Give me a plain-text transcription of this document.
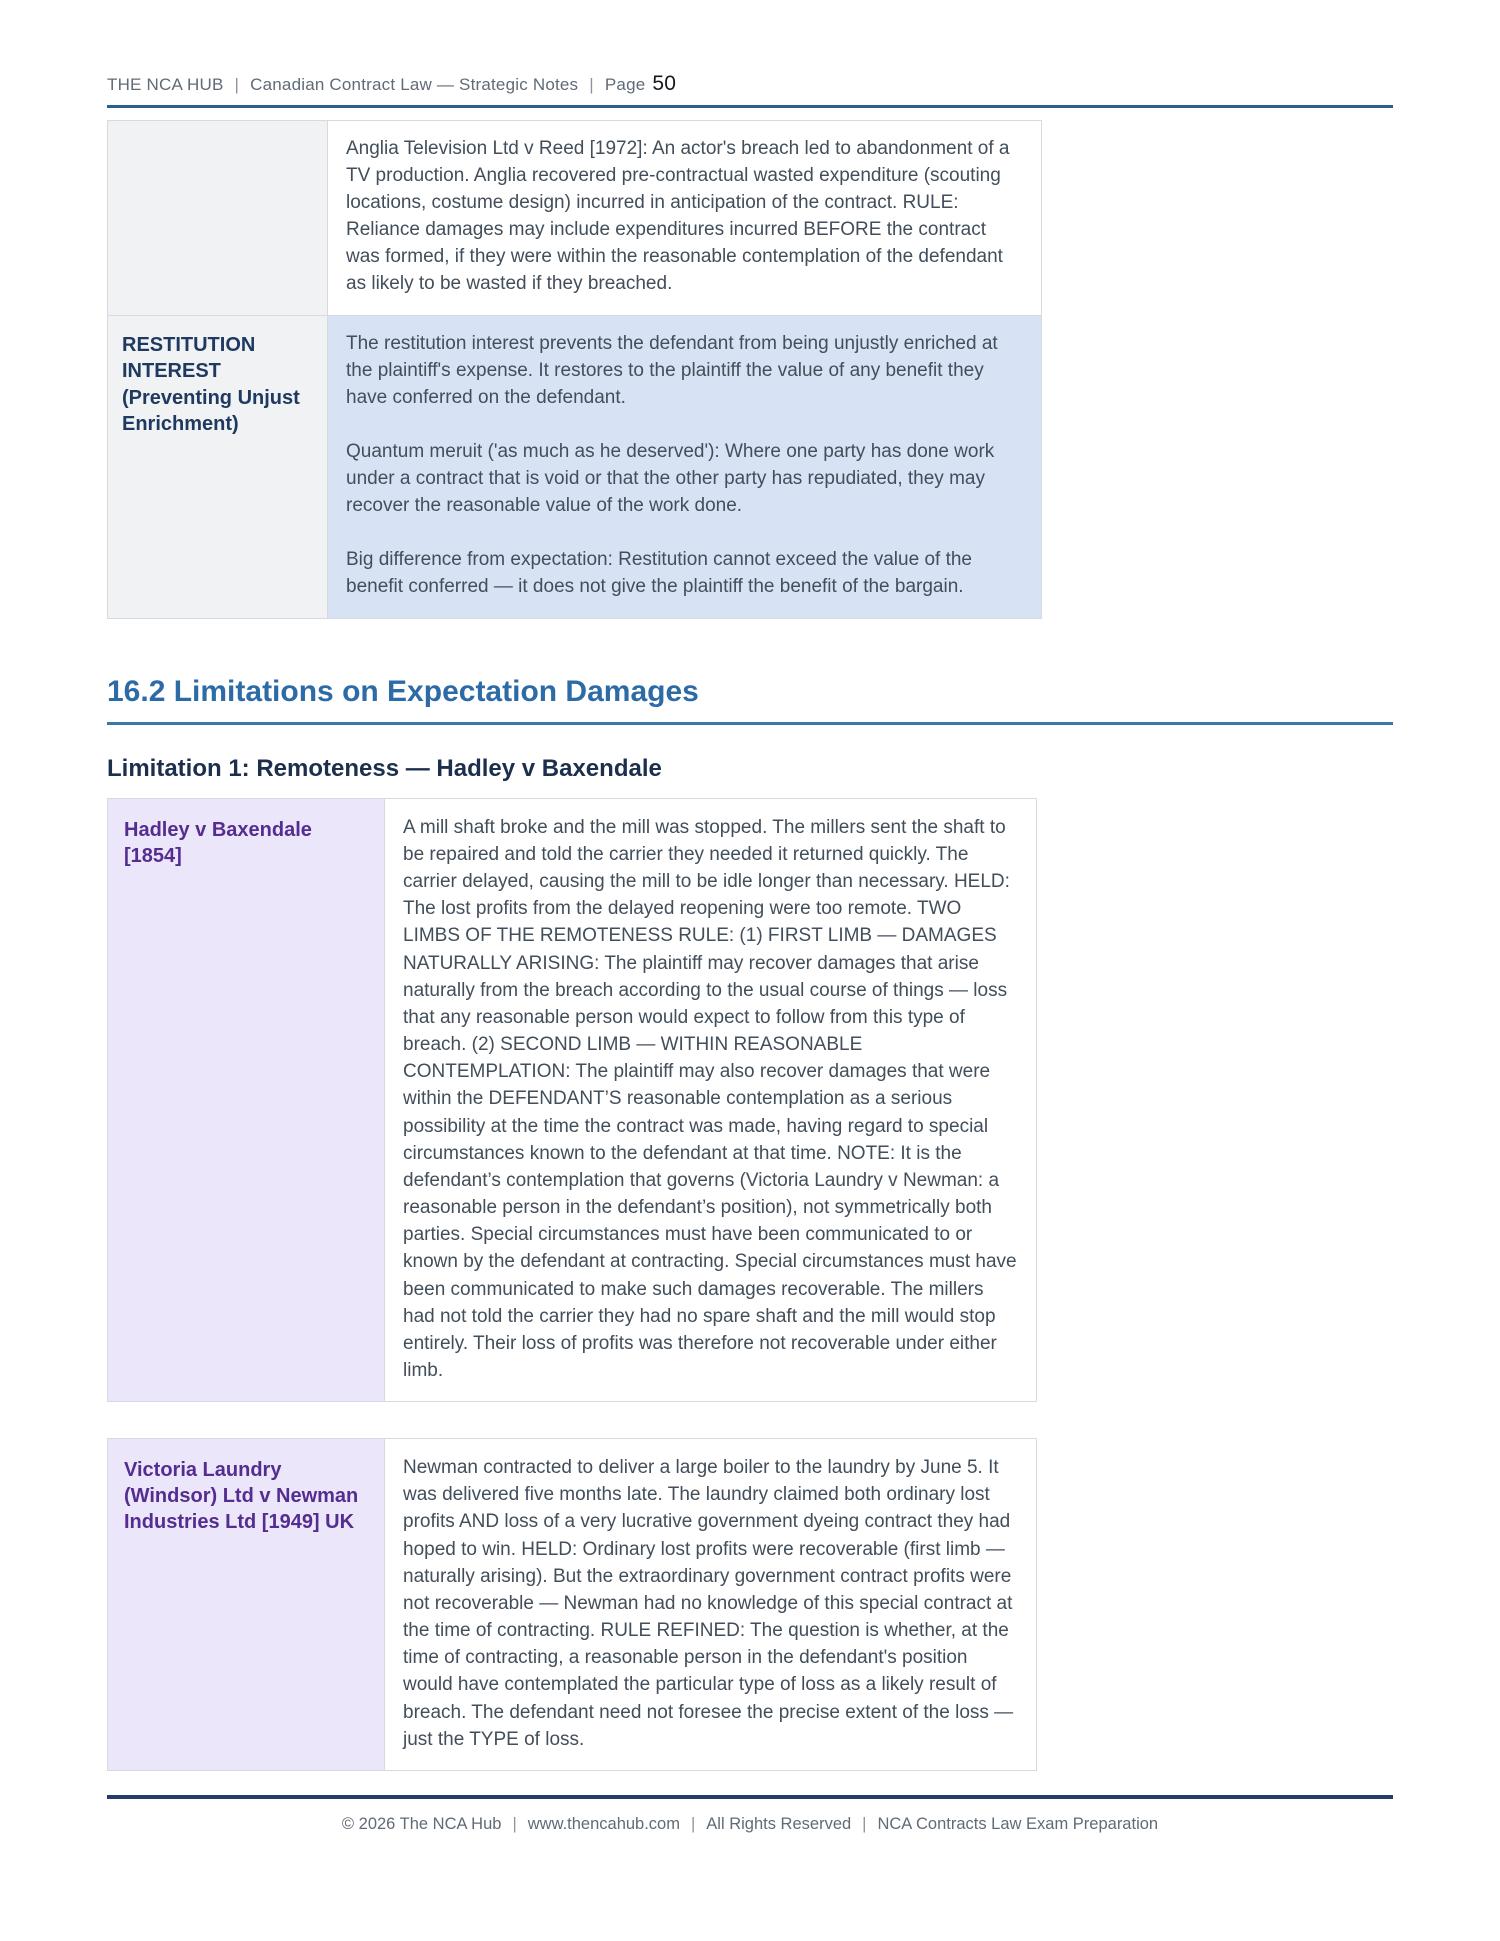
THE NCA HUB | Canadian Contract Law — Strategic Notes | Page 50

Anglia Television Ltd v Reed [1972]: An actor's breach led to abandonment of a TV production. Anglia recovered pre-contractual wasted expenditure (scouting locations, costume design) incurred in anticipation of the contract. RULE: Reliance damages may include expenditures incurred BEFORE the contract was formed, if they were within the reasonable contemplation of the defendant as likely to be wasted if they breached.

RESTITUTION INTEREST (Preventing Unjust Enrichment)

The restitution interest prevents the defendant from being unjustly enriched at the plaintiff's expense. It restores to the plaintiff the value of any benefit they have conferred on the defendant.

Quantum meruit ('as much as he deserved'): Where one party has done work under a contract that is void or that the other party has repudiated, they may recover the reasonable value of the work done.

Big difference from expectation: Restitution cannot exceed the value of the benefit conferred — it does not give the plaintiff the benefit of the bargain.

16.2 Limitations on Expectation Damages
Limitation 1: Remoteness — Hadley v Baxendale
Hadley v Baxendale [1854]

A mill shaft broke and the mill was stopped. The millers sent the shaft to be repaired and told the carrier they needed it returned quickly. The carrier delayed, causing the mill to be idle longer than necessary. HELD: The lost profits from the delayed reopening were too remote. TWO LIMBS OF THE REMOTENESS RULE: (1) FIRST LIMB — DAMAGES NATURALLY ARISING: The plaintiff may recover damages that arise naturally from the breach according to the usual course of things — loss that any reasonable person would expect to follow from this type of breach. (2) SECOND LIMB — WITHIN REASONABLE CONTEMPLATION: The plaintiff may also recover damages that were within the DEFENDANT’S reasonable contemplation as a serious possibility at the time the contract was made, having regard to special circumstances known to the defendant at that time. NOTE: It is the defendant’s contemplation that governs (Victoria Laundry v Newman: a reasonable person in the defendant’s position), not symmetrically both parties. Special circumstances must have been communicated to or known by the defendant at contracting. Special circumstances must have been communicated to make such damages recoverable. The millers had not told the carrier they had no spare shaft and the mill would stop entirely. Their loss of profits was therefore not recoverable under either limb.

Victoria Laundry (Windsor) Ltd v Newman Industries Ltd [1949] UK

Newman contracted to deliver a large boiler to the laundry by June 5. It was delivered five months late. The laundry claimed both ordinary lost profits AND loss of a very lucrative government dyeing contract they had hoped to win. HELD: Ordinary lost profits were recoverable (first limb — naturally arising). But the extraordinary government contract profits were not recoverable — Newman had no knowledge of this special contract at the time of contracting. RULE REFINED: The question is whether, at the time of contracting, a reasonable person in the defendant's position would have contemplated the particular type of loss as a likely result of breach. The defendant need not foresee the precise extent of the loss — just the TYPE of loss.

© 2026 The NCA Hub | www.thencahub.com | All Rights Reserved | NCA Contracts Law Exam Preparation
